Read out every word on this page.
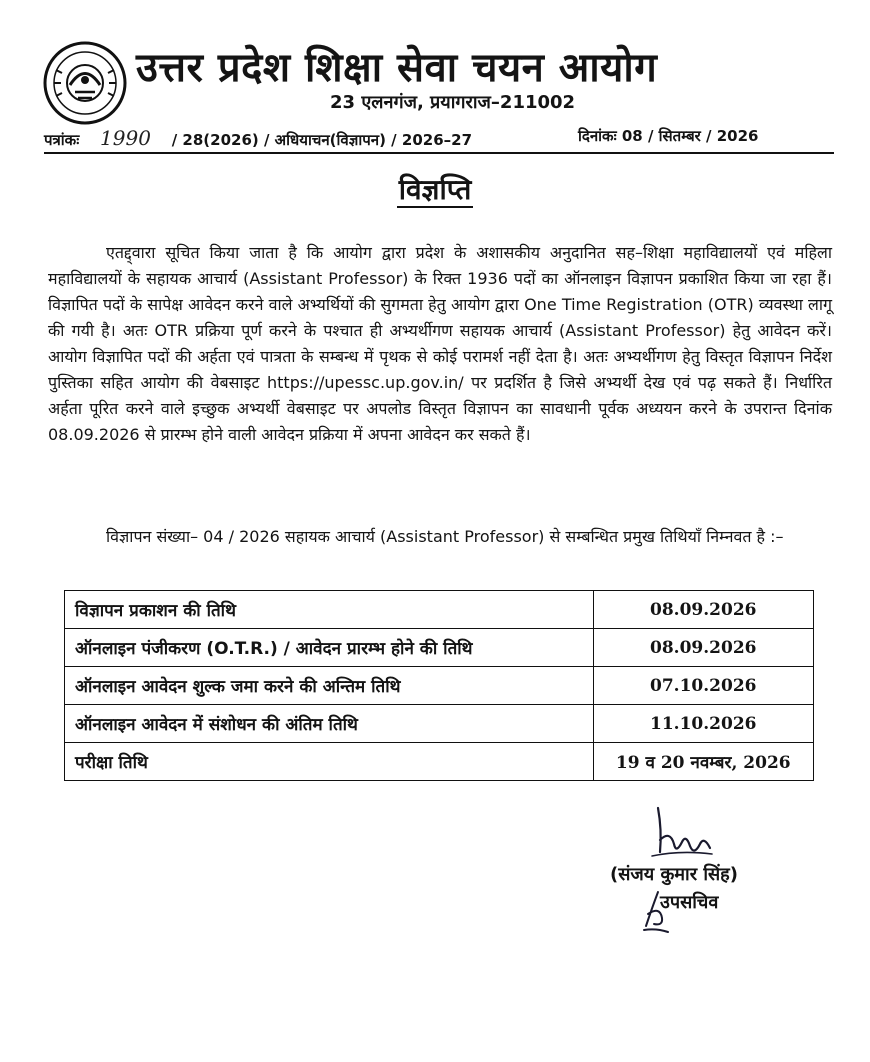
उत्तर प्रदेश शिक्षा सेवा चयन आयोग
23 एलनगंज, प्रयागराज–211002
पत्रांकः 1990 / 28(2026) / अधियाचन(विज्ञापन) / 2026–27	दिनांकः 08 / सितम्बर / 2026
विज्ञप्ति
एतद्द्वारा सूचित किया जाता है कि आयोग द्वारा प्रदेश के अशासकीय अनुदानित सह–शिक्षा महाविद्यालयों एवं महिला महाविद्यालयों के सहायक आचार्य (Assistant Professor) के रिक्त 1936 पदों का ऑनलाइन विज्ञापन प्रकाशित किया जा रहा हैं। विज्ञापित पदों के सापेक्ष आवेदन करने वाले अभ्यर्थियों की सुगमता हेतु आयोग द्वारा One Time Registration (OTR) व्यवस्था लागू की गयी है। अतः OTR प्रक्रिया पूर्ण करने के पश्चात ही अभ्यर्थीगण सहायक आचार्य (Assistant Professor) हेतु आवेदन करें। आयोग विज्ञापित पदों की अर्हता एवं पात्रता के सम्बन्ध में पृथक से कोई परामर्श नहीं देता है। अतः अभ्यर्थीगण हेतु विस्तृत विज्ञापन निर्देश पुस्तिका सहित आयोग की वेबसाइट https://upessc.up.gov.in/ पर प्रदर्शित है जिसे अभ्यर्थी देख एवं पढ़ सकते हैं। निर्धारित अर्हता पूरित करने वाले इच्छुक अभ्यर्थी वेबसाइट पर अपलोड विस्तृत विज्ञापन का सावधानी पूर्वक अध्ययन करने के उपरान्त दिनांक 08.09.2026 से प्रारम्भ होने वाली आवेदन प्रक्रिया में अपना आवेदन कर सकते हैं।
विज्ञापन संख्या– 04 / 2026 सहायक आचार्य (Assistant Professor) से सम्बन्धित प्रमुख तिथियाँ निम्नवत है :–
विज्ञापन प्रकाशन की तिथि	08.09.2026
ऑनलाइन पंजीकरण (O.T.R.) / आवेदन प्रारम्भ होने की तिथि	08.09.2026
ऑनलाइन आवेदन शुल्क जमा करने की अन्तिम तिथि	07.10.2026
ऑनलाइन आवेदन में संशोधन की अंतिम तिथि	11.10.2026
परीक्षा तिथि	19 व 20 नवम्बर, 2026
(संजय कुमार सिंह)
उपसचिव
